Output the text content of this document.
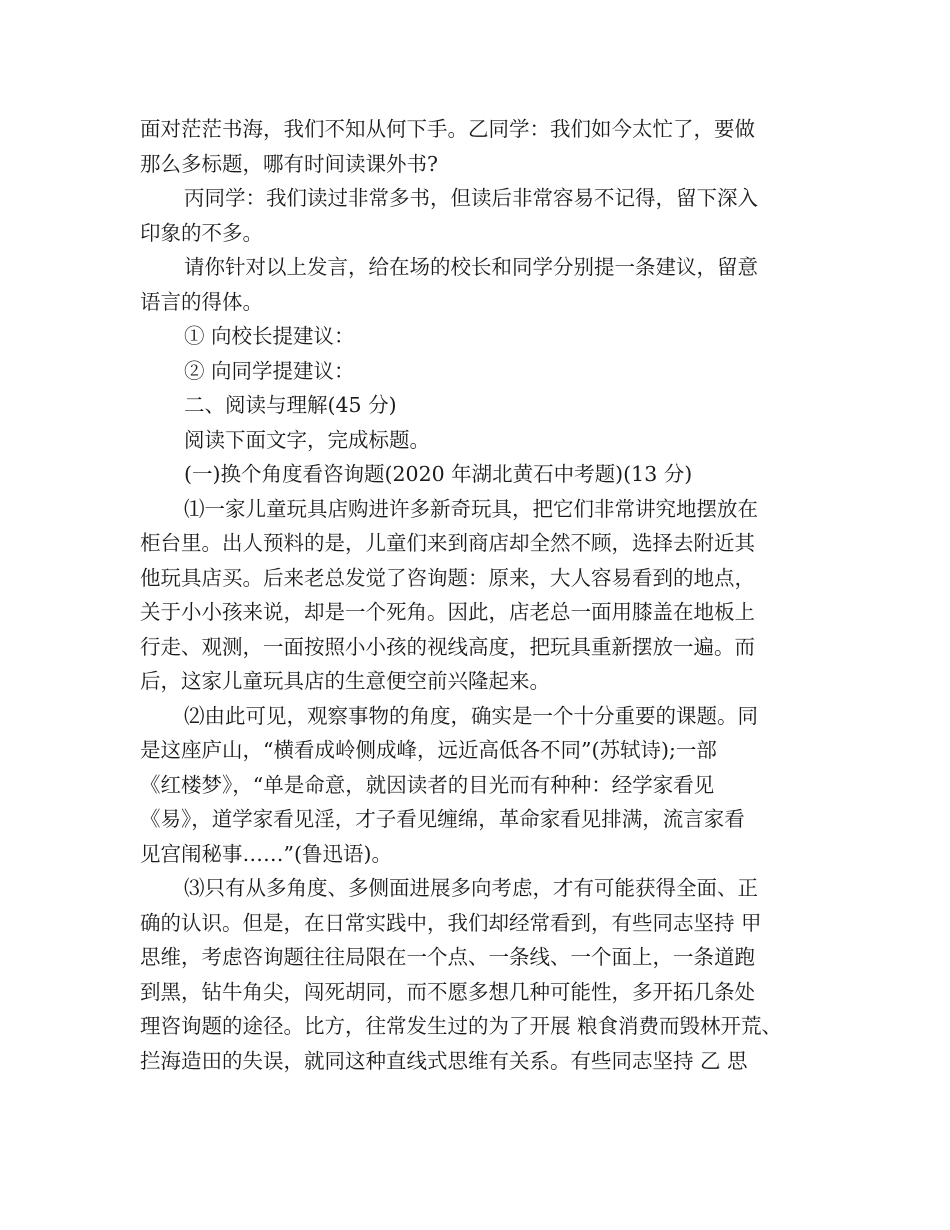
面对茫茫书海，我们不知从何下手。乙同学：我们如今太忙了，要做
那么多标题，哪有时间读课外书?
丙同学：我们读过非常多书，但读后非常容易不记得，留下深入
印象的不多。
请你针对以上发言，给在场的校长和同学分别提一条建议，留意
语言的得体。
① 向校长提建议：
② 向同学提建议：
二、阅读与理解(45 分)
阅读下面文字，完成标题。
(一)换个角度看咨询题(2020 年湖北黄石中考题)(13 分)
⑴一家儿童玩具店购进许多新奇玩具，把它们非常讲究地摆放在
柜台里。出人预料的是，儿童们来到商店却全然不顾，选择去附近其
他玩具店买。后来老总发觉了咨询题：原来，大人容易看到的地点，
关于小小孩来说，却是一个死角。因此，店老总一面用膝盖在地板上
行走、观测，一面按照小小孩的视线高度，把玩具重新摆放一遍。而
后，这家儿童玩具店的生意便空前兴隆起来。
⑵由此可见，观察事物的角度，确实是一个十分重要的课题。同
是这座庐山，“横看成岭侧成峰，远近高低各不同”(苏轼诗);一部
《红楼梦》，“单是命意，就因读者的目光而有种种：经学家看见
《易》，道学家看见淫，才子看见缠绵，革命家看见排满，流言家看
见宫闱秘事……”(鲁迅语)。
⑶只有从多角度、多侧面进展多向考虑，才有可能获得全面、正
确的认识。但是，在日常实践中，我们却经常看到，有些同志坚持 甲
思维，考虑咨询题往往局限在一个点、一条线、一个面上，一条道跑
到黑，钻牛角尖，闯死胡同，而不愿多想几种可能性，多开拓几条处
理咨询题的途径。比方，往常发生过的为了开展 粮食消费而毁林开荒、
拦海造田的失误，就同这种直线式思维有关系。有些同志坚持 乙 思
